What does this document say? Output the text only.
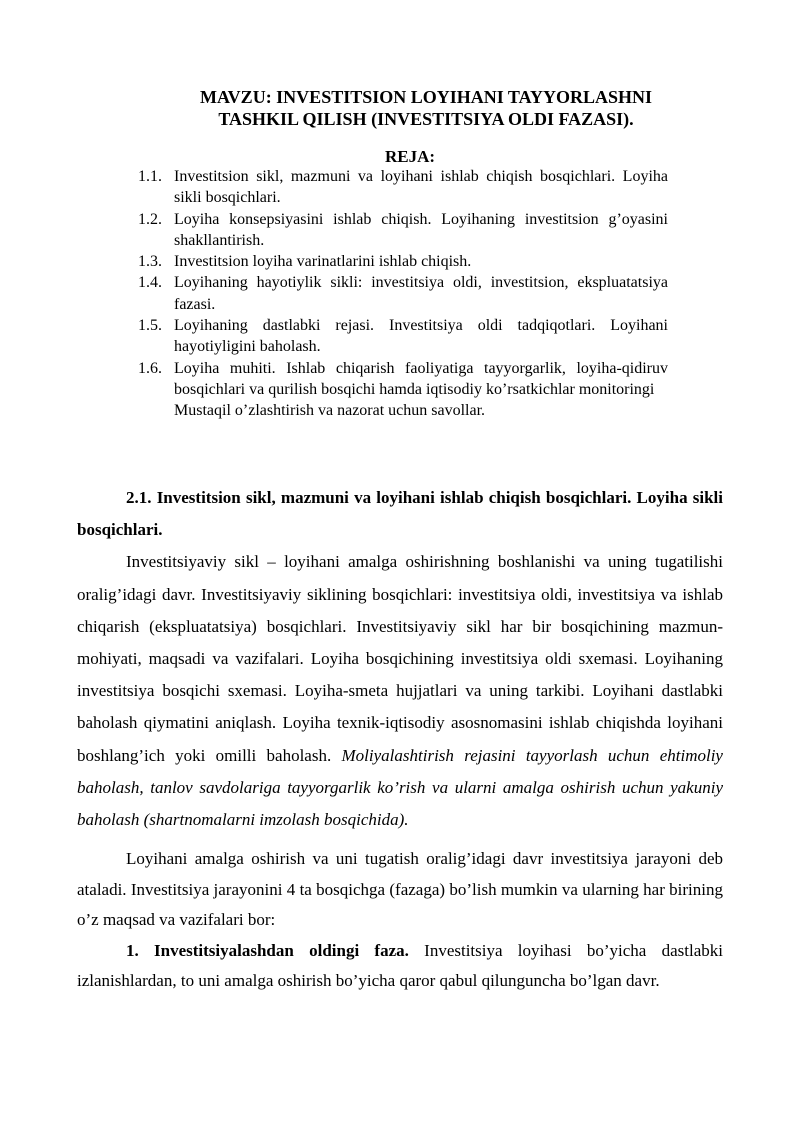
MAVZU: INVESTITSION LOYIHANI TAYYORLASHNI
TASHKIL QILISH (INVESTITSIYA OLDI FAZASI).
REJA:
1.1. Investitsion sikl, mazmuni va loyihani ishlab chiqish bosqichlari. Loyiha sikli bosqichlari.
1.2. Loyiha konsepsiyasini ishlab chiqish. Loyihaning investitsion g’oyasini shakllantirish.
1.3. Investitsion loyiha varinatlarini ishlab chiqish.
1.4. Loyihaning hayotiylik sikli: investitsiya oldi, investitsion, ekspluatatsiya fazasi.
1.5. Loyihaning dastlabki rejasi. Investitsiya oldi tadqiqotlari. Loyihani hayotiyligini baholash.
1.6. Loyiha muhiti. Ishlab chiqarish faoliyatiga tayyorgarlik, loyiha-qidiruv bosqichlari va qurilish bosqichi hamda iqtisodiy ko’rsatkichlar monitoringi
Mustaqil o’zlashtirish va nazorat uchun savollar.

2.1. Investitsion sikl, mazmuni va loyihani ishlab chiqish bosqichlari. Loyiha sikli bosqichlari.

Investitsiyaviy sikl – loyihani amalga oshirishning boshlanishi va uning tugatilishi oralig’idagi davr. Investitsiyaviy siklining bosqichlari: investitsiya oldi, investitsiya va ishlab chiqarish (ekspluatatsiya) bosqichlari. Investitsiyaviy sikl har bir bosqichining mazmun-mohiyati, maqsadi va vazifalari. Loyiha bosqichining investitsiya oldi sxemasi. Loyihaning investitsiya bosqichi sxemasi. Loyiha-smeta hujjatlari va uning tarkibi. Loyihani dastlabki baholash qiymatini aniqlash. Loyiha texnik-iqtisodiy asosnomasini ishlab chiqishda loyihani boshlang’ich yoki omilli baholash. Moliyalashtirish rejasini tayyorlash uchun ehtimoliy baholash, tanlov savdolariga tayyorgarlik ko’rish va ularni amalga oshirish uchun yakuniy baholash (shartnomalarni imzolash bosqichida).

Loyihani amalga oshirish va uni tugatish oralig’idagi davr investitsiya jarayoni deb ataladi. Investitsiya jarayonini 4 ta bosqichga (fazaga) bo’lish mumkin va ularning har birining o’z maqsad va vazifalari bor:

1. Investitsiyalashdan oldingi faza. Investitsiya loyihasi bo’yicha dastlabki izlanishlardan, to uni amalga oshirish bo’yicha qaror qabul qilunguncha bo’lgan davr.
